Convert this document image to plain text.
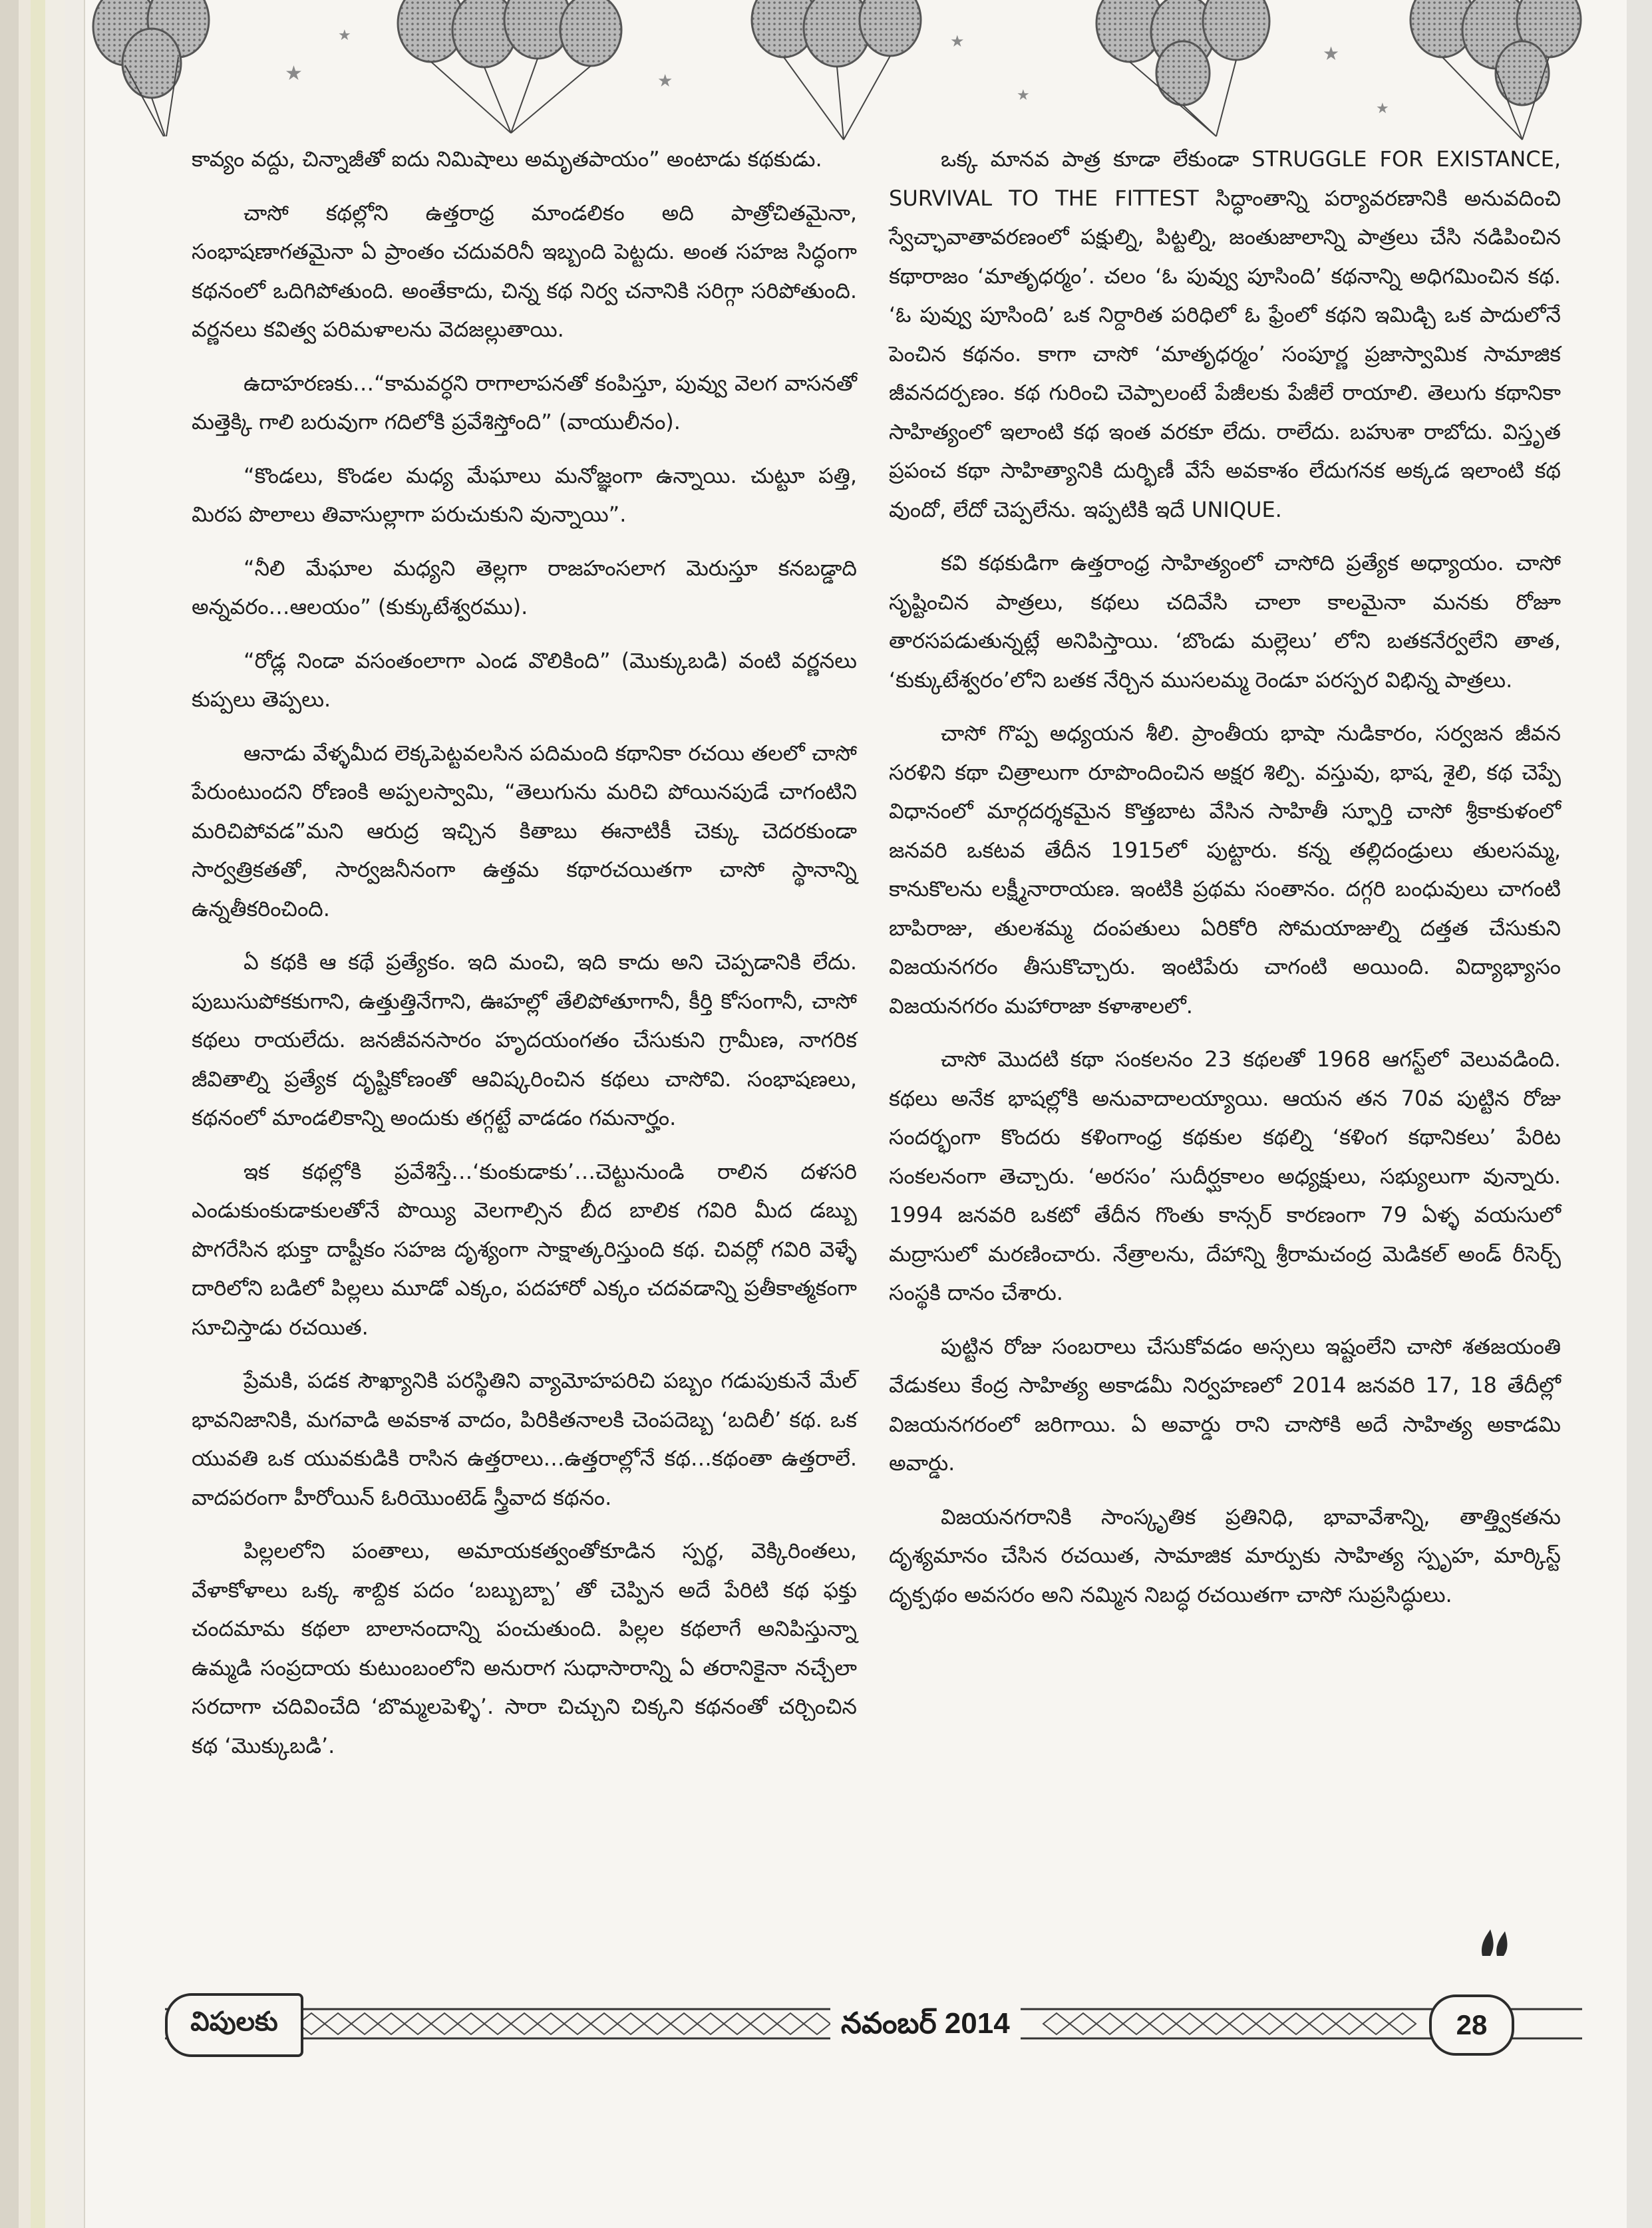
★
★
★
★
★
★
★

కావ్యం వద్దు, చిన్నాజీతో ఐదు నిమిషాలు అమృతపాయం” అంటాడు కథకుడు.

చాసో కథల్లోని ఉత్తరాధ్ర మాండలికం అది పాత్రోచితమైనా, సంభాషణాగతమైనా ఏ ప్రాంతం చదువరినీ ఇబ్బంది పెట్టదు. అంత సహజ సిద్ధంగా కథనంలో ఒదిగిపోతుంది. అంతేకాదు, చిన్న కథ నిర్వ చనానికి సరిగ్గా సరిపోతుంది. వర్ణనలు కవిత్వ పరిమళాలను వెదజల్లుతాయి.

ఉదాహరణకు…“కామవర్ధని రాగాలాపనతో కంపిస్తూ, పువ్వు వెలగ వాసనతో మత్తెక్కి గాలి బరువుగా గదిలోకి ప్రవేశిస్తోంది” (వాయులీనం).

“కొండలు, కొండల మధ్య మేఘాలు మనోజ్ఞంగా ఉన్నాయి. చుట్టూ పత్తి, మిరప పొలాలు తివాసుల్లాగా పరుచుకుని వున్నాయి”.

“నీలి మేఘాల మధ్యని తెల్లగా రాజహంసలాగ మెరుస్తూ కనబడ్డాది అన్నవరం…ఆలయం” (కుక్కుటేశ్వరము).

“రోడ్ల నిండా వసంతంలాగా ఎండ వొలికింది” (మొక్కుబడి) వంటి వర్ణనలు కుప్పలు తెప్పలు.

ఆనాడు వేళ్ళమీద లెక్కపెట్టవలసిన పదిమంది కథానికా రచయి తలలో చాసో పేరుంటుందని రోణంకి అప్పలస్వామి, “తెలుగును మరిచి పోయినపుడే చాగంటిని మరిచిపోవడ”మని ఆరుద్ర ఇచ్చిన కితాబు ఈనాటికీ చెక్కు చెదరకుండా సార్వత్రికతతో, సార్వజనీనంగా ఉత్తమ కథారచయితగా చాసో స్థానాన్ని ఉన్నతీకరించింది.

ఏ కథకి ఆ కథే ప్రత్యేకం. ఇది మంచి, ఇది కాదు అని చెప్పడానికి లేదు. పుబుసుపోకకుగాని, ఉత్తుత్తినేగాని, ఊహల్లో తేలిపోతూగానీ, కీర్తి కోసంగానీ, చాసో కథలు రాయలేదు. జనజీవనసారం హృదయంగతం చేసుకుని గ్రామీణ, నాగరిక జీవితాల్ని ప్రత్యేక దృష్టికోణంతో ఆవిష్కరించిన కథలు చాసోవి. సంభాషణలు, కథనంలో మాండలికాన్ని అందుకు తగ్గట్టే వాడడం గమనార్హం.

ఇక కథల్లోకి ప్రవేశిస్తే…‘కుంకుడాకు’…చెట్టునుండి రాలిన దళసరి ఎండుకుంకుడాకులతోనే పొయ్యి వెలగాల్సిన బీద బాలిక గవిరి మీద డబ్బు పొగరేసిన భుక్తా దాష్టీకం సహజ దృశ్యంగా సాక్షాత్కరిస్తుంది కథ. చివర్లో గవిరి వెళ్ళే దారిలోని బడిలో పిల్లలు మూడో ఎక్కం, పదహారో ఎక్కం చదవడాన్ని ప్రతీకాత్మకంగా సూచిస్తాడు రచయిత.

ప్రేమకి, పడక సౌఖ్యానికి పరస్థితిని వ్యామోహపరిచి పబ్బం గడుపుకునే మేల్ భావనిజానికి, మగవాడి అవకాశ వాదం, పిరికితనాలకి చెంపదెబ్బ ‘బదిలీ’ కథ. ఒక యువతి ఒక యువకుడికి రాసిన ఉత్తరాలు…ఉత్తరాల్లోనే కథ…కథంతా ఉత్తరాలే. వాదపరంగా హీరోయిన్ ఓరియొంటెడ్ స్త్రీవాద కథనం.

పిల్లలలోని పంతాలు, అమాయకత్వంతోకూడిన స్పర్థ, వెక్కిరింతలు, వేళాకోళాలు ఒక్క శాబ్దిక పదం ‘బబ్బుబ్బా’ తో చెప్పిన అదే పేరిటి కథ ఫక్తు చందమామ కథలా బాలానందాన్ని పంచుతుంది. పిల్లల కథలాగే అనిపిస్తున్నా ఉమ్మడి సంప్రదాయ కుటుంబంలోని అనురాగ సుధాసారాన్ని ఏ తరానికైనా నచ్చేలా సరదాగా చదివించేది ‘బొమ్మలపెళ్ళి’. సారా చిచ్చుని చిక్కని కథనంతో చర్చించిన కథ ‘మొక్కుబడి’.

ఒక్క మానవ పాత్ర కూడా లేకుండా STRUGGLE FOR EXISTANCE, SURVIVAL TO THE FITTEST సిద్ధాంతాన్ని పర్యావరణానికి అనువదించి స్వేచ్ఛావాతావరణంలో పక్షుల్ని, పిట్టల్ని, జంతుజాలాన్ని పాత్రలు చేసి నడిపించిన కథారాజం ‘మాతృధర్మం’. చలం ‘ఓ పువ్వు పూసింది’ కథనాన్ని అధిగమించిన కథ. ‘ఓ పువ్వు పూసింది’ ఒక నిర్దారిత పరిధిలో ఓ ఫ్రేంలో కథని ఇమిడ్చి ఒక పాదులోనే పెంచిన కథనం. కాగా చాసో ‘మాతృధర్మం’ సంపూర్ణ ప్రజాస్వామిక సామాజిక జీవనదర్పణం. కథ గురించి చెప్పాలంటే పేజీలకు పేజీలే రాయాలి. తెలుగు కథానికా సాహిత్యంలో ఇలాంటి కథ ఇంత వరకూ లేదు. రాలేదు. బహుశా రాబోదు. విస్తృత ప్రపంచ కథా సాహిత్యానికి దుర్భిణీ వేసే అవకాశం లేదుగనక అక్కడ ఇలాంటి కథ వుందో, లేదో చెప్పలేను. ఇప్పటికి ఇదే UNIQUE.

కవి కథకుడిగా ఉత్తరాంధ్ర సాహిత్యంలో చాసోది ప్రత్యేక అధ్యాయం. చాసో సృష్టించిన పాత్రలు, కథలు చదివేసి చాలా కాలమైనా మనకు రోజూ తారసపడుతున్నట్లే అనిపిస్తాయి. ‘బొండు మల్లెలు’ లోని బతకనేర్వలేని తాత, ‘కుక్కుటేశ్వరం’లోని బతక నేర్చిన ముసలమ్మ రెండూ పరస్పర విభిన్న పాత్రలు.

చాసో గొప్ప అధ్యయన శీలి. ప్రాంతీయ భాషా నుడికారం, సర్వజన జీవన సరళిని కథా చిత్రాలుగా రూపొందించిన అక్షర శిల్పి. వస్తువు, భాష, శైలి, కథ చెప్పే విధానంలో మార్గదర్శకమైన కొత్తబాట వేసిన సాహితీ స్ఫూర్తి చాసో శ్రీకాకుళంలో జనవరి ఒకటవ తేదీన 1915లో పుట్టారు. కన్న తల్లిదండ్రులు తులసమ్మ, కానుకొలను లక్ష్మీనారాయణ. ఇంటికి ప్రథమ సంతానం. దగ్గరి బంధువులు చాగంటి బాపిరాజు, తులశమ్మ దంపతులు ఏరికోరి సోమయాజుల్ని దత్తత చేసుకుని విజయనగరం తీసుకొచ్చారు. ఇంటిపేరు చాగంటి అయింది. విద్యాభ్యాసం విజయనగరం మహారాజా కళాశాలలో.

చాసో మొదటి కథా సంకలనం 23 కథలతో 1968 ఆగస్ట్‌లో వెలువడింది. కథలు అనేక భాషల్లోకి అనువాదాలయ్యాయి. ఆయన తన 70వ పుట్టిన రోజు సందర్భంగా కొందరు కళింగాంధ్ర కథకుల కథల్ని ‘కళింగ కథానికలు’ పేరిట సంకలనంగా తెచ్చారు. ‘అరసం’ సుదీర్ఘకాలం అధ్యక్షులు, సభ్యులుగా వున్నారు. 1994 జనవరి ఒకటో తేదీన గొంతు కాన్సర్ కారణంగా 79 ఏళ్ళ వయసులో మద్రాసులో మరణించారు. నేత్రాలను, దేహాన్ని శ్రీరామచంద్ర మెడికల్ అండ్ రీసెర్చ్ సంస్థకి దానం చేశారు.

పుట్టిన రోజు సంబరాలు చేసుకోవడం అస్సలు ఇష్టంలేని చాసో శతజయంతి వేడుకలు కేంద్ర సాహిత్య అకాడమీ నిర్వహణలో 2014 జనవరి 17, 18 తేదీల్లో విజయనగరంలో జరిగాయి. ఏ అవార్డు రాని చాసోకి అదే సాహిత్య అకాడమి అవార్డు.

విజయనగరానికి సాంస్కృతిక ప్రతినిధి, భావావేశాన్ని, తాత్త్వికతను దృశ్యమానం చేసిన రచయిత, సామాజిక మార్పుకు సాహిత్య స్పృహ, మార్కిస్ట్ దృక్పథం అవసరం అని నమ్మిన నిబద్ధ రచయితగా చాసో సుప్రసిద్ధులు.

విపులకు	నవంబర్ 2014	28
